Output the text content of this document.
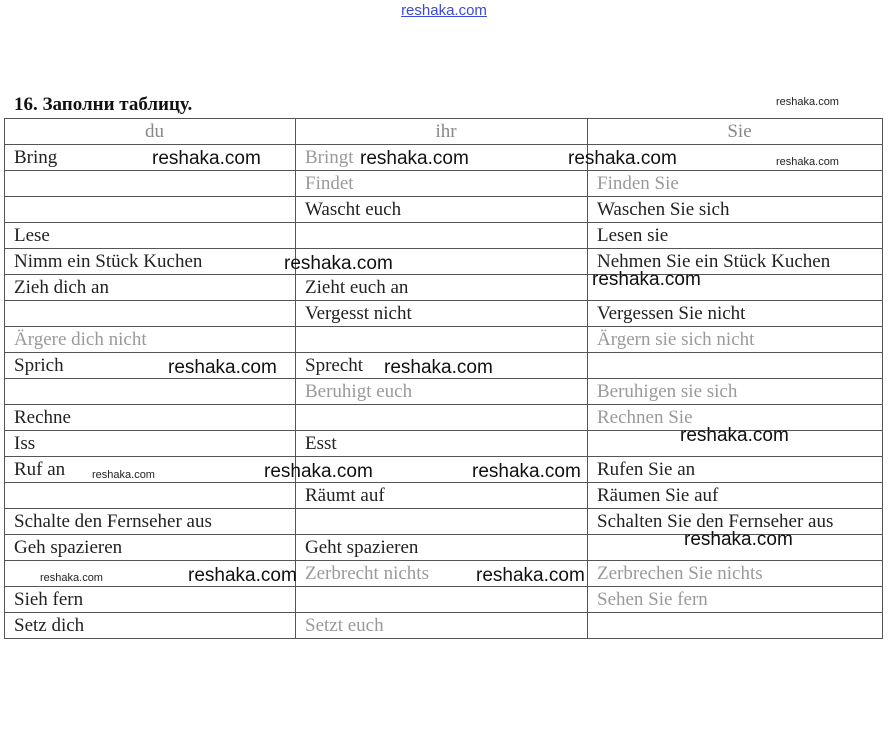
reshaka.com
16. Заполни таблицу.
du	ihr	Sie
Bring	Bringt	
	Findet	Finden Sie
	Wascht euch	Waschen Sie sich
Lese		Lesen sie
Nimm ein Stück Kuchen		Nehmen Sie ein Stück Kuchen
Zieh dich an	Zieht euch an	
	Vergesst nicht	Vergessen Sie nicht
Ärgere dich nicht		Ärgern sie sich nicht
Sprich	Sprecht	
	Beruhigt euch	Beruhigen sie sich
Rechne		Rechnen Sie
Iss	Esst	
Ruf an		Rufen Sie an
	Räumt auf	Räumen Sie auf
Schalte den Fernseher aus		Schalten Sie den Fernseher aus
Geh spazieren	Geht spazieren	
	Zerbrecht nichts	Zerbrechen Sie nichts
Sieh fern		Sehen Sie fern
Setz dich	Setzt euch	
reshaka.com
reshaka.com
reshaka.com
reshaka.com
reshaka.com	reshaka.com	reshaka.com
reshaka.com
reshaka.com
reshaka.com	reshaka.com
reshaka.com
reshaka.com	reshaka.com
reshaka.com
reshaka.com	reshaka.com
